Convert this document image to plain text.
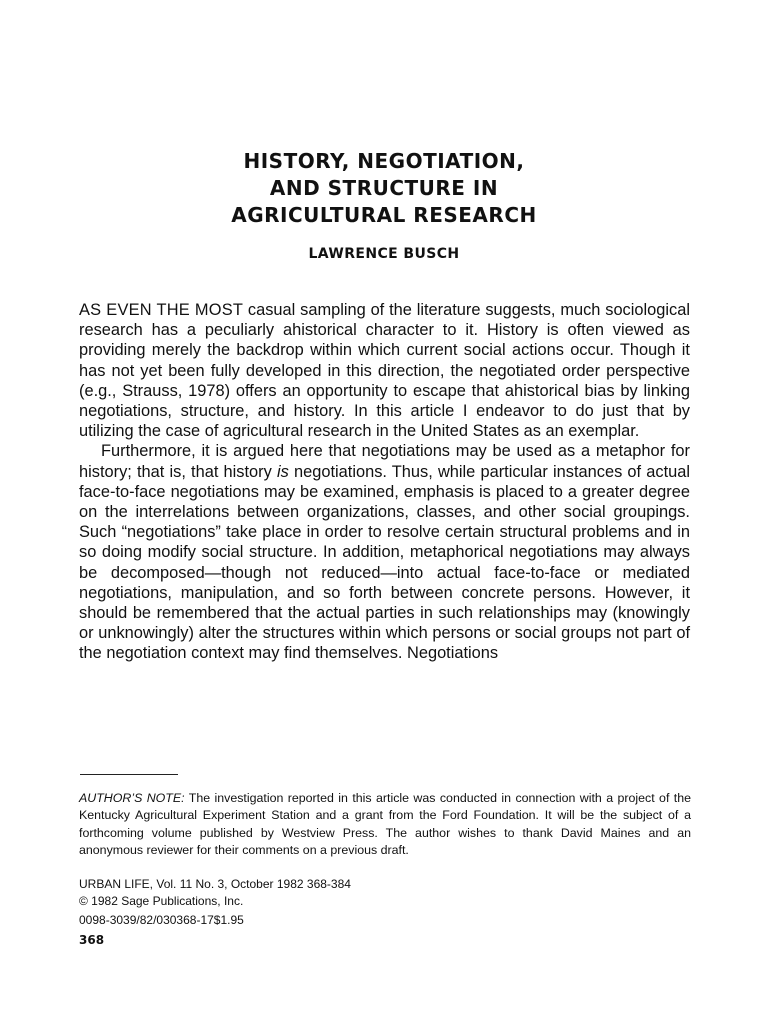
HISTORY, NEGOTIATION,
AND STRUCTURE IN
AGRICULTURAL RESEARCH
LAWRENCE BUSCH

AS EVEN THE MOST casual sampling of the literature suggests, much sociological research has a peculiarly ahistorical character to it. History is often viewed as providing merely the backdrop within which current social actions occur. Though it has not yet been fully developed in this direction, the negotiated order perspective (e.g., Strauss, 1978) offers an opportunity to escape that ahistorical bias by linking negotiations, structure, and history. In this article I endeavor to do just that by utilizing the case of agricultural research in the United States as an exemplar.

Furthermore, it is argued here that negotiations may be used as a metaphor for history; that is, that history is negotiations. Thus, while particular instances of actual face-to-face negotiations may be examined, emphasis is placed to a greater degree on the interrelations between organizations, classes, and other social groupings. Such “negotiations” take place in order to resolve certain structural problems and in so doing modify social structure. In addition, metaphorical negotiations may always be decomposed—though not reduced—into actual face-to-face or mediated negotiations, manipulation, and so forth between concrete persons. However, it should be remembered that the actual parties in such relationships may (knowingly or unknowingly) alter the structures within which persons or social groups not part of the negotiation context may find themselves. Negotiations

AUTHOR’S NOTE: The investigation reported in this article was conducted in connection with a project of the Kentucky Agricultural Experiment Station and a grant from the Ford Foundation. It will be the subject of a forthcoming volume published by Westview Press. The author wishes to thank David Maines and an anonymous reviewer for their comments on a previous draft.
URBAN LIFE, Vol. 11 No. 3, October 1982 368-384
© 1982 Sage Publications, Inc.
0098-3039/82/030368-17$1.95
368
